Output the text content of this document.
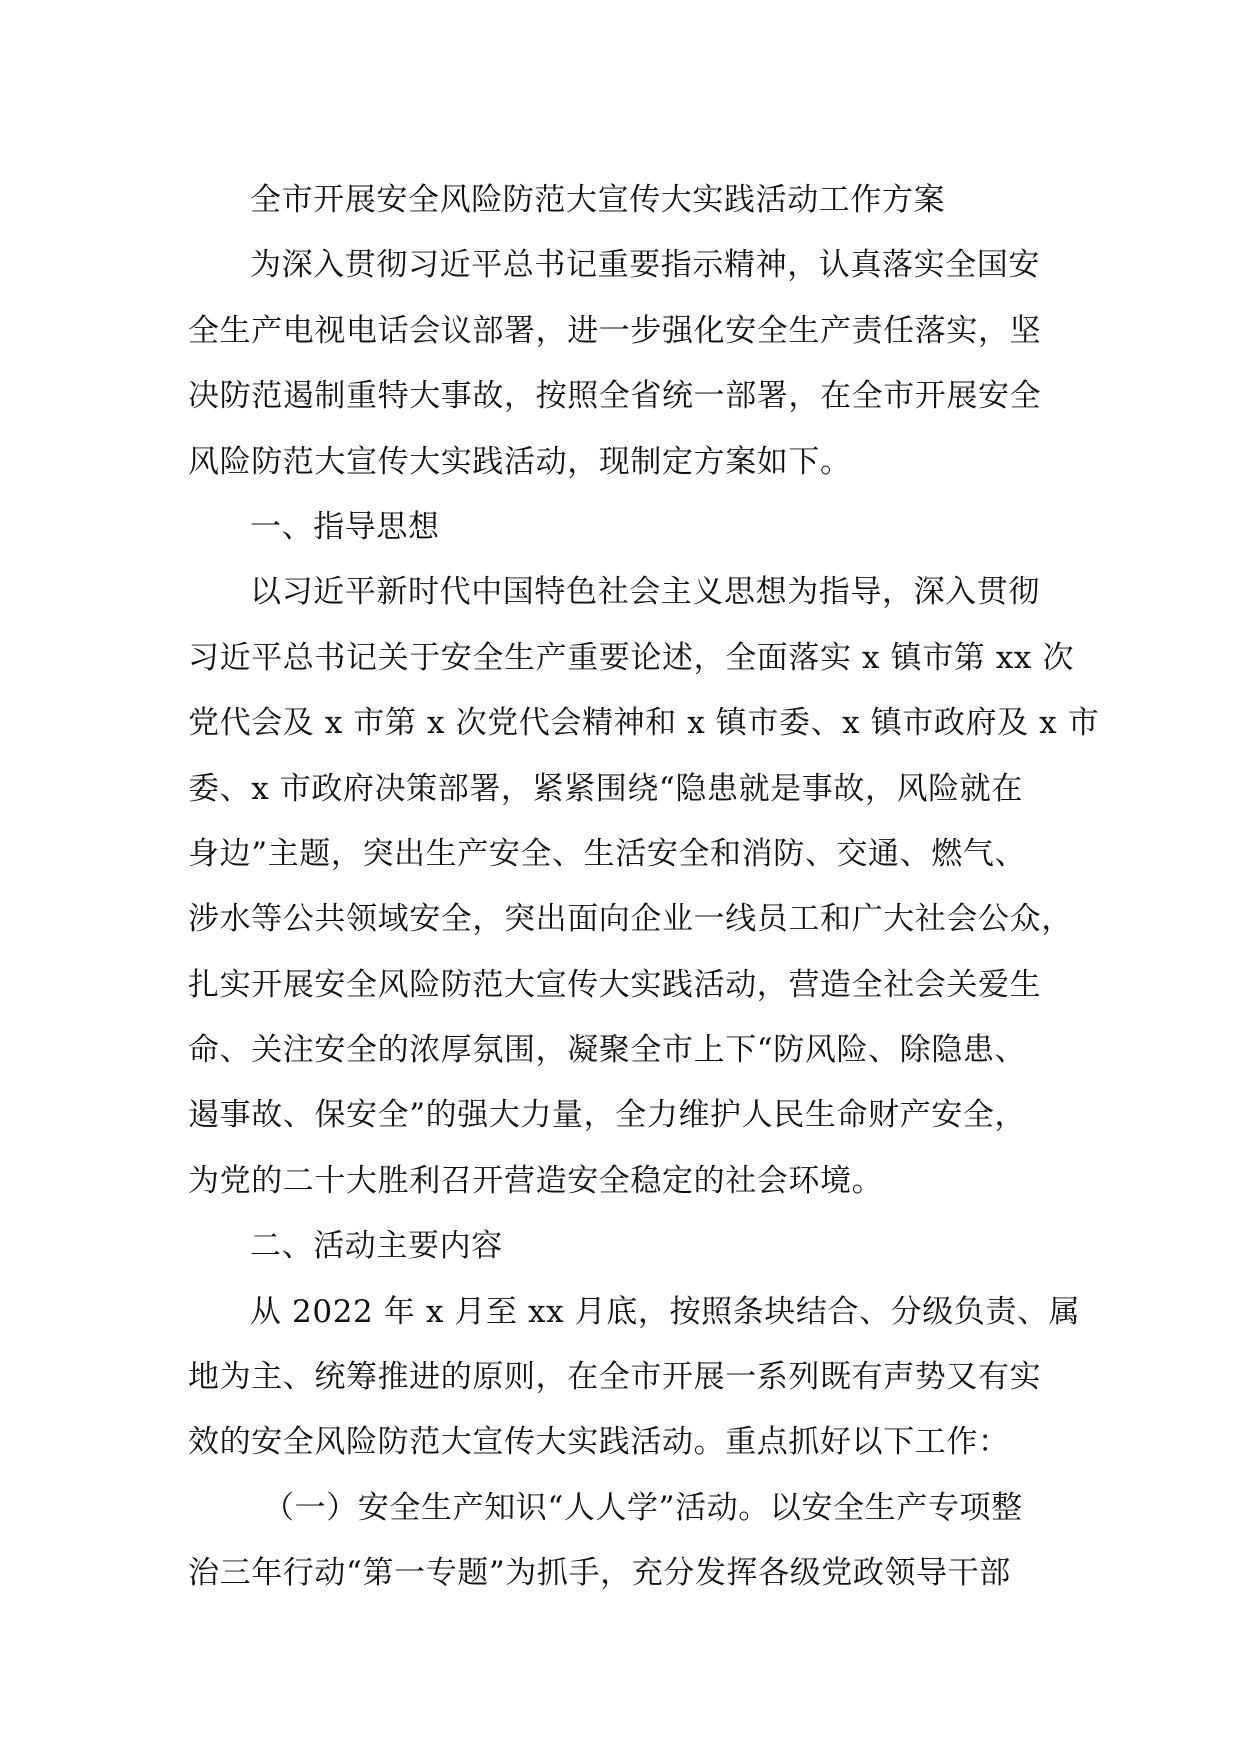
全市开展安全风险防范大宣传大实践活动工作方案
为深入贯彻习近平总书记重要指示精神，认真落实全国安
全生产电视电话会议部署，进一步强化安全生产责任落实，坚
决防范遏制重特大事故，按照全省统一部署，在全市开展安全
风险防范大宣传大实践活动，现制定方案如下。
一、指导思想
以习近平新时代中国特色社会主义思想为指导，深入贯彻
习近平总书记关于安全生产重要论述，全面落实 x 镇市第 xx 次
党代会及 x 市第 x 次党代会精神和 x 镇市委、x 镇市政府及 x 市
委、x 市政府决策部署，紧紧围绕“隐患就是事故，风险就在
身边”主题，突出生产安全、生活安全和消防、交通、燃气、
涉水等公共领域安全，突出面向企业一线员工和广大社会公众，
扎实开展安全风险防范大宣传大实践活动，营造全社会关爱生
命、关注安全的浓厚氛围，凝聚全市上下“防风险、除隐患、
遏事故、保安全”的强大力量，全力维护人民生命财产安全，
为党的二十大胜利召开营造安全稳定的社会环境。
二、活动主要内容
从 2022 年 x 月至 xx 月底，按照条块结合、分级负责、属
地为主、统筹推进的原则，在全市开展一系列既有声势又有实
效的安全风险防范大宣传大实践活动。重点抓好以下工作：
（一）安全生产知识“人人学”活动。以安全生产专项整
治三年行动“第一专题”为抓手，充分发挥各级党政领导干部
